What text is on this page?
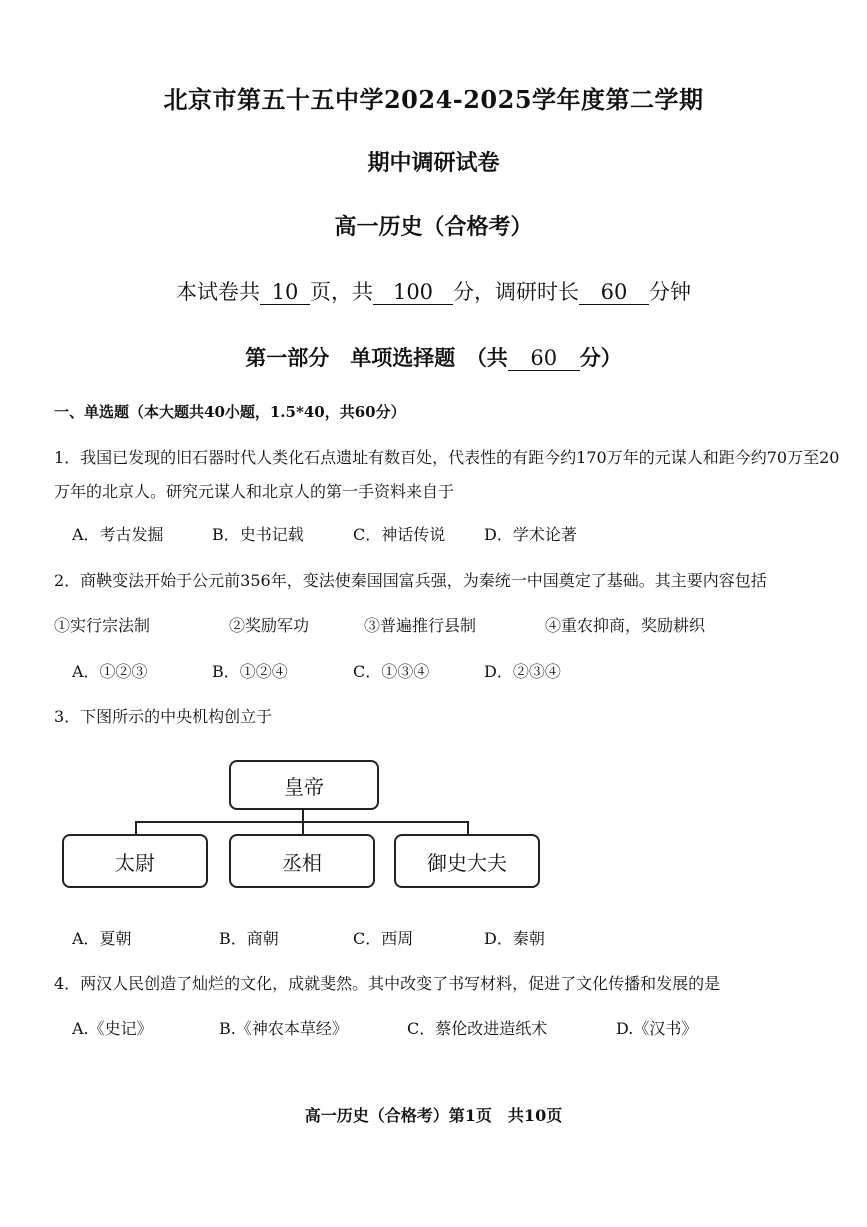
北京市第五十五中学2024-2025学年度第二学期
期中调研试卷
高一历史（合格考）
本试卷共 10 页，共 100 分，调研时长 60 分钟
第一部分　单项选择题　（共 60 分）
一、单选题（本大题共40小题，1.5*40，共60分）
1．我国已发现的旧石器时代人类化石点遗址有数百处，代表性的有距今约170万年的元谋人和距今约70万至20万年的北京人。研究元谋人和北京人的第一手资料来自于
A．考古发掘	B．史书记载	C．神话传说 D．学术论著
2．商鞅变法开始于公元前356年，变法使秦国国富兵强，为秦统一中国奠定了基础。其主要内容包括
①实行宗法制	②奖励军功	③普遍推行县制	④重农抑商，奖励耕织
A．①②③	B．①②④	C．①③④	D．②③④
3．下图所示的中央机构创立于
皇帝
太尉	丞相	御史大夫
A．夏朝	B．商朝	C．西周	D．秦朝
4．两汉人民创造了灿烂的文化，成就斐然。其中改变了书写材料，促进了文化传播和发展的是
A.《史记》	B.《神农本草经》	C．蔡伦改进造纸术	D.《汉书》
高一历史（合格考）第1页　共10页
